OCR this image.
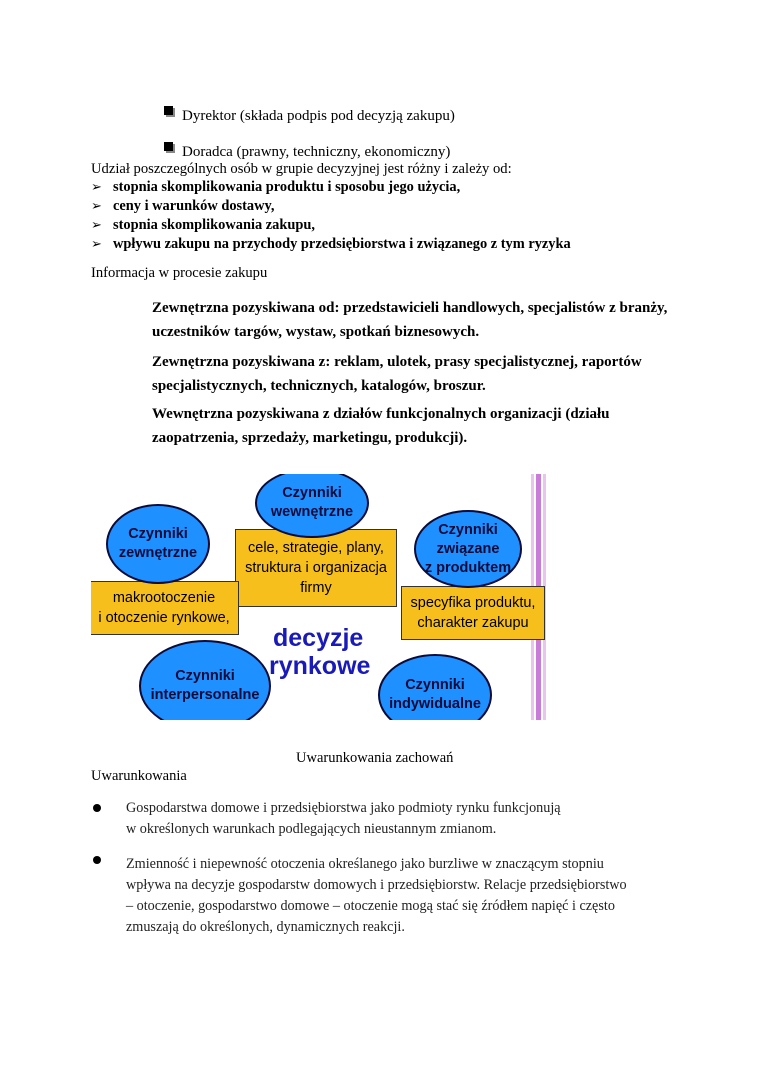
Dyrektor (składa podpis pod decyzją zakupu)
Doradca (prawny, techniczny, ekonomiczny)
Udział poszczególnych osób w grupie decyzyjnej jest różny i zależy od:
➢ stopnia skomplikowania produktu i sposobu jego użycia,
➢ ceny i warunków dostawy,
➢ stopnia skomplikowania zakupu,
➢ wpływu zakupu na przychody przedsiębiorstwa i związanego z tym ryzyka
Informacja w procesie zakupu
Zewnętrzna pozyskiwana od: przedstawicieli handlowych, specjalistów z branży,
uczestników targów, wystaw, spotkań biznesowych.
Zewnętrzna pozyskiwana z: reklam, ulotek, prasy specjalistycznej, raportów
specjalistycznych, technicznych, katalogów, broszur.
Wewnętrzna pozyskiwana z działów funkcjonalnych organizacji (działu
zaopatrzenia, sprzedaży, marketingu, produkcji).
cele, strategie, plany,
struktura i organizacja
firmy
makrootoczenie
i otoczenie rynkowe,
specyfika produktu,
charakter zakupu
Czynniki
zewnętrzne
Czynniki
wewnętrzne
Czynniki
związane
z produktem
Czynniki
interpersonalne
Czynniki
indywidualne
decyzje
rynkowe
Uwarunkowania zachowań
Uwarunkowania
Gospodarstwa domowe i przedsiębiorstwa jako podmioty rynku funkcjonują
w określonych warunkach podlegających nieustannym zmianom.
Zmienność i niepewność otoczenia określanego jako burzliwe w znaczącym stopniu
wpływa na decyzje gospodarstw domowych i przedsiębiorstw. Relacje przedsiębiorstwo
– otoczenie, gospodarstwo domowe – otoczenie mogą stać się źródłem napięć i często
zmuszają do określonych, dynamicznych reakcji.
